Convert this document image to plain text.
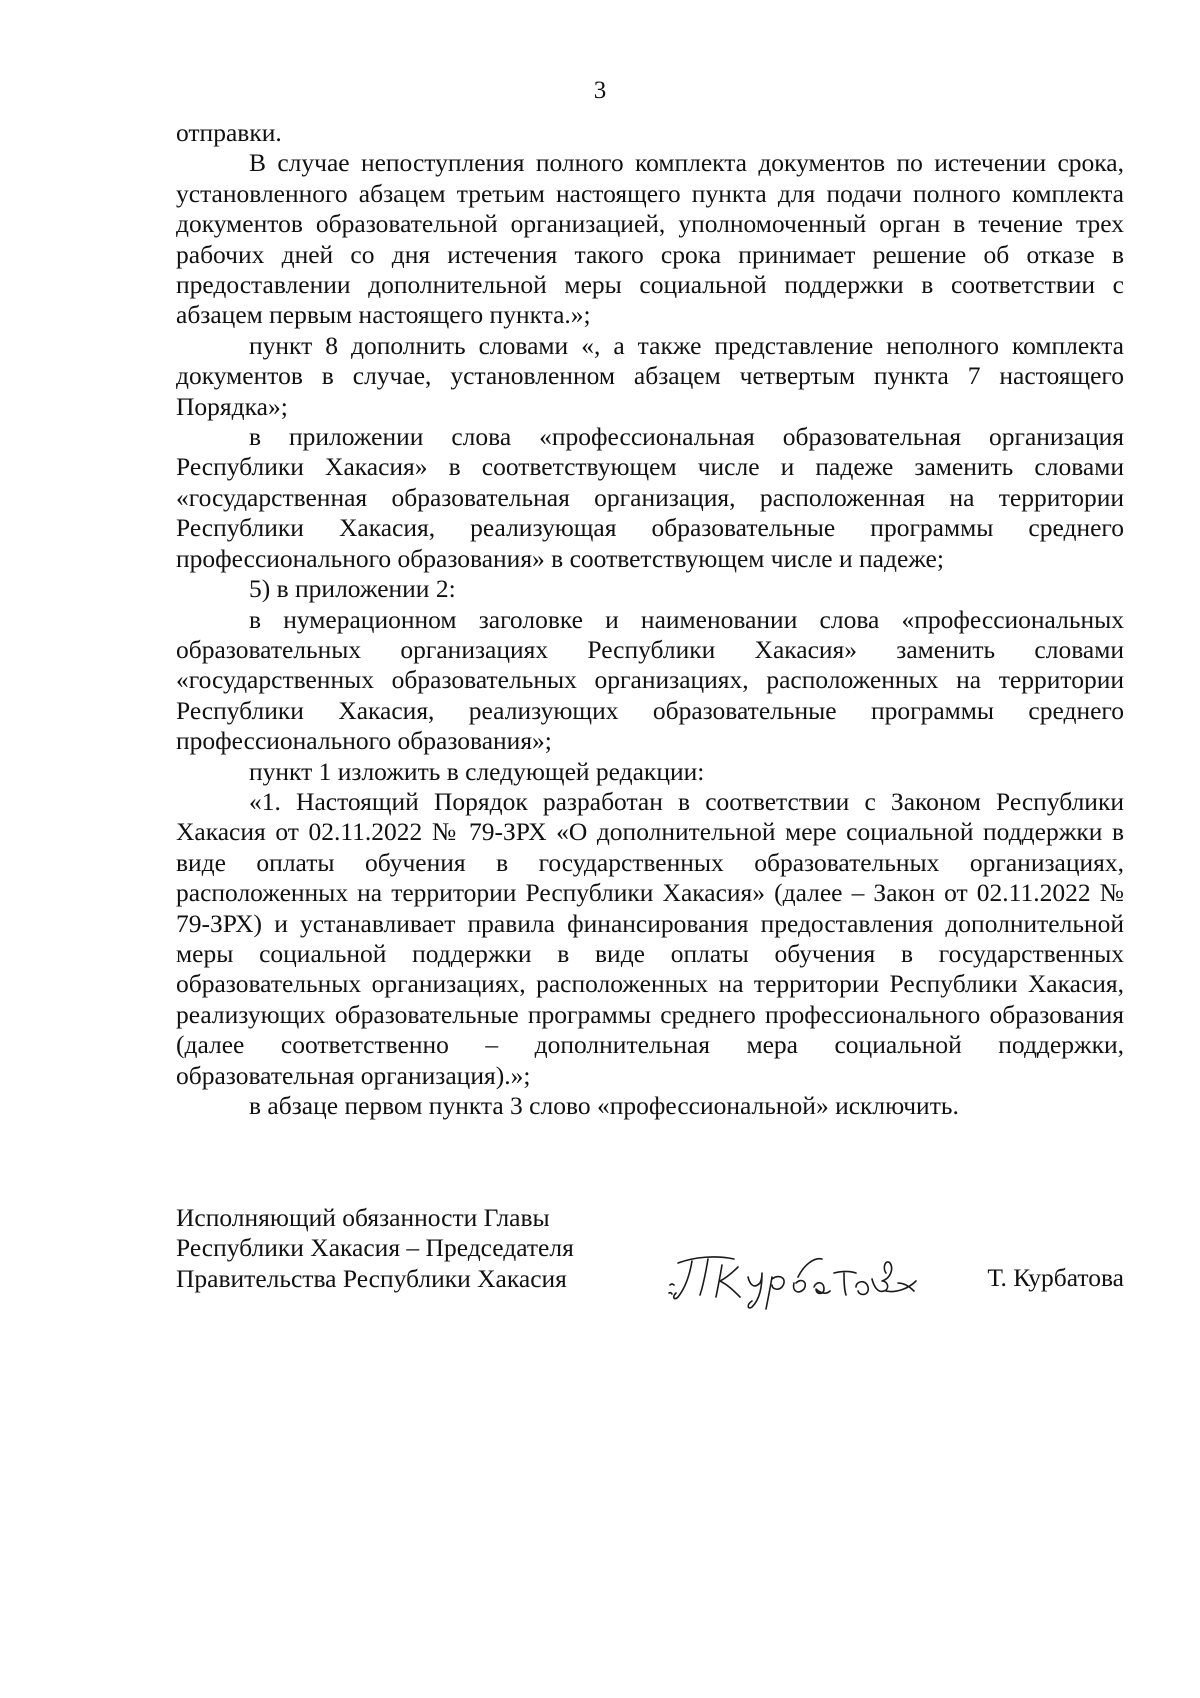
3

отправки.

В случае непоступления полного комплекта документов по истечении срока, установленного абзацем третьим настоящего пункта для подачи полного комплекта документов образовательной организацией, уполномоченный орган в течение трех рабочих дней со дня истечения такого срока принимает решение об отказе в предоставлении дополнительной меры социальной поддержки в соответствии с абзацем первым настоящего пункта.»;

пункт 8 дополнить словами «, а также представление неполного комплекта документов в случае, установленном абзацем четвертым пункта 7 настоящего Порядка»;

в приложении слова «профессиональная образовательная организация Республики Хакасия» в соответствующем числе и падеже заменить словами «государственная образовательная организация, расположенная на территории Республики Хакасия, реализующая образовательные программы среднего профессионального образования» в соответствующем числе и падеже;

5) в приложении 2:

в нумерационном заголовке и наименовании слова «профессиональных образовательных организациях Республики Хакасия» заменить словами «государственных образовательных организациях, расположенных на территории Республики Хакасия, реализующих образовательные программы среднего профессионального образования»;

пункт 1 изложить в следующей редакции:

«1. Настоящий Порядок разработан в соответствии с Законом Республики Хакасия от 02.11.2022 № 79-ЗРХ «О дополнительной мере социальной поддержки в виде оплаты обучения в государственных образовательных организациях, расположенных на территории Республики Хакасия» (далее – Закон от 02.11.2022 № 79-ЗРХ) и устанавливает правила финансирования предоставления дополнительной меры социальной поддержки в виде оплаты обучения в государственных образовательных организациях, расположенных на территории Республики Хакасия, реализующих образовательные программы среднего профессионального образования (далее соответственно – дополнительная мера социальной поддержки, образовательная организация).»;

в абзаце первом пункта 3 слово «профессиональной» исключить.

Исполняющий обязанности Главы
Республики Хакасия – Председателя
Правительства Республики Хакасия	Т. Курбатова
